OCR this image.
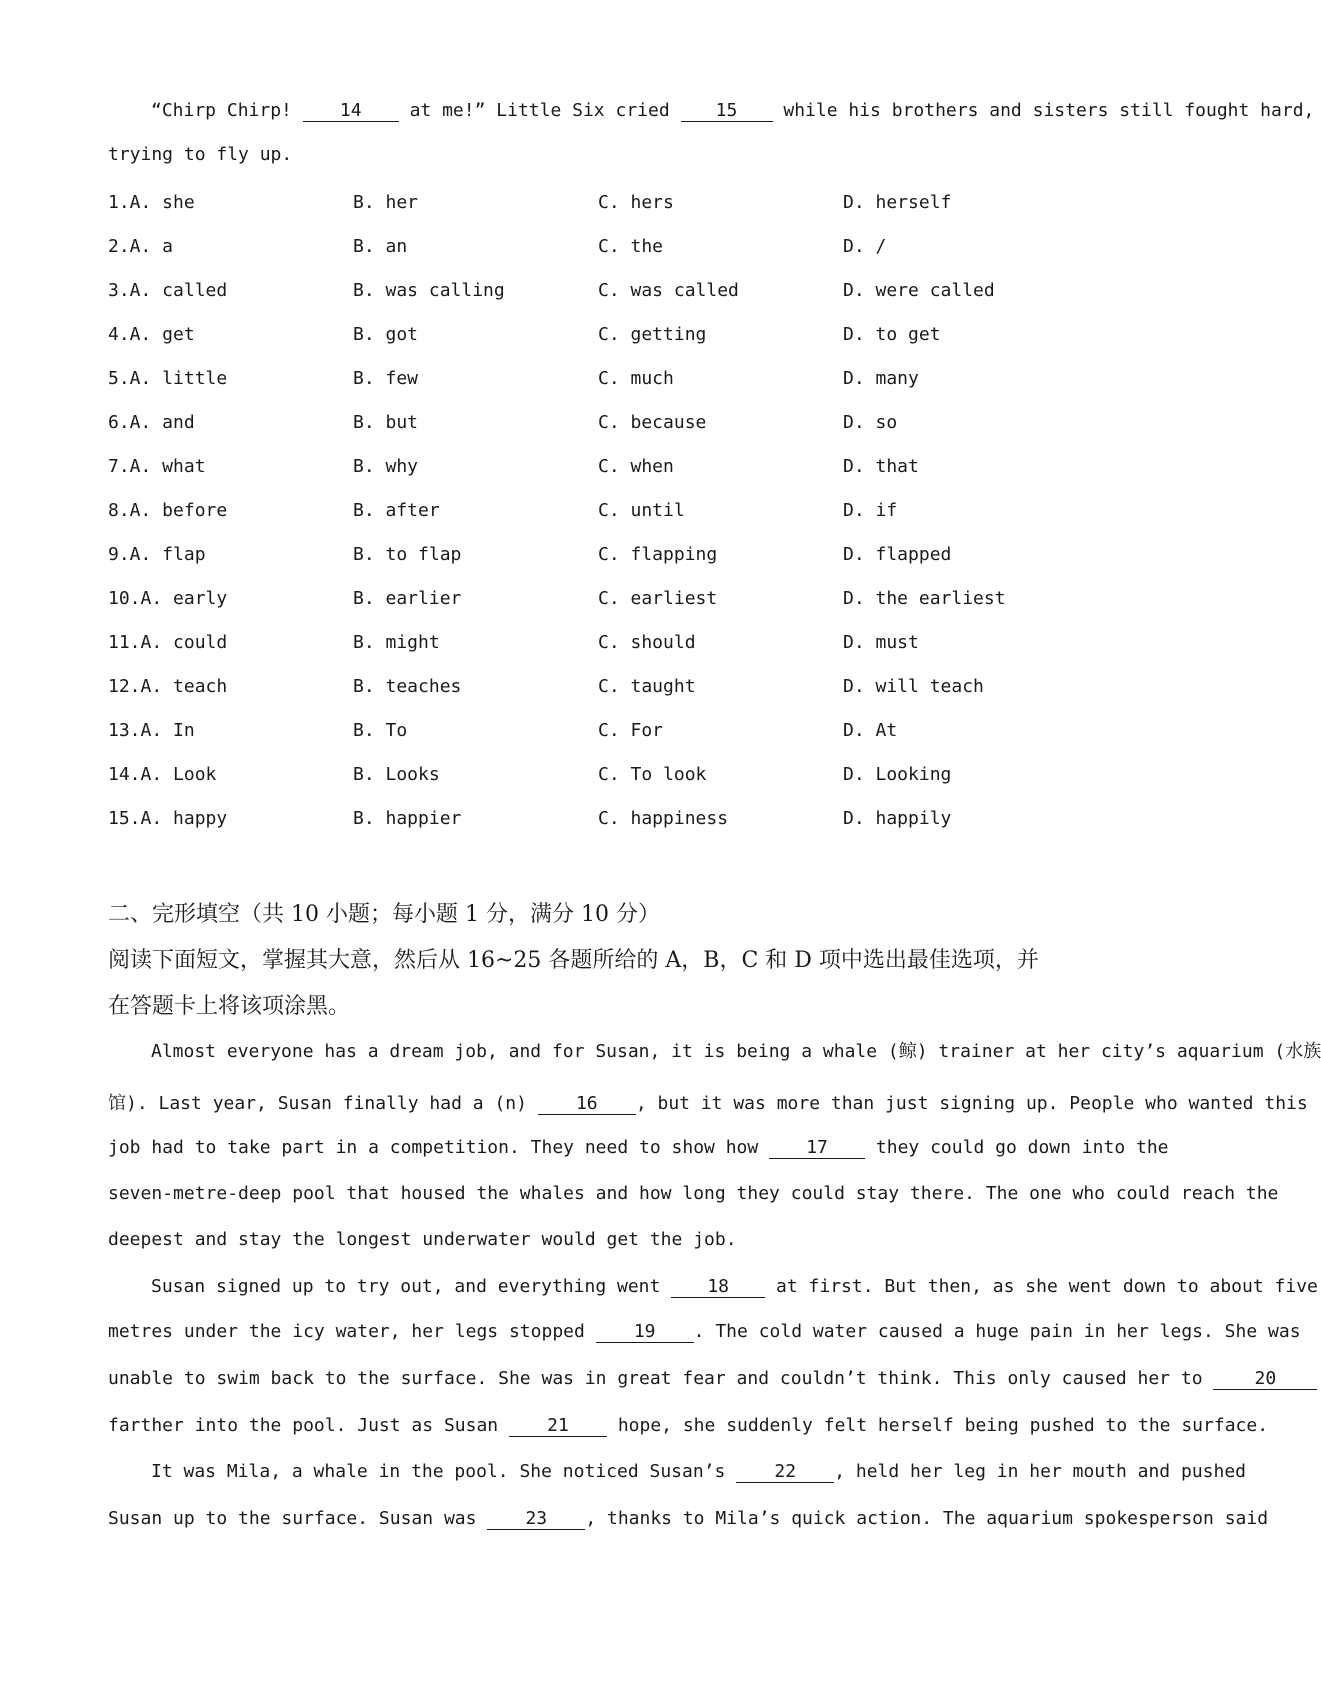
“Chirp Chirp!	14	at me!” Little Six cried	15	while his brothers and sisters still fought hard,
trying to fly up.
1.A. she	B. her	C. hers	D. herself
2.A. a	B. an	C. the	D. /
3.A. called	B. was calling	C. was called	D. were called
4.A. get	B. got	C. getting	D. to get
5.A. little	B. few	C. much	D. many
6.A. and	B. but	C. because	D. so
7.A. what	B. why	C. when	D. that
8.A. before	B. after	C. until	D. if
9.A. flap	B. to flap	C. flapping	D. flapped
10.A. early	B. earlier	C. earliest	D. the earliest
11.A. could	B. might	C. should	D. must
12.A. teach	B. teaches	C. taught	D. will teach
13.A. In	B. To	C. For	D. At
14.A. Look	B. Looks	C. To look	D. Looking
15.A. happy	B. happier	C. happiness	D. happily
二、完形填空（共 10 小题；每小题 1 分，满分 10 分）
阅读下面短文，掌握其大意，然后从 16~25 各题所给的 A，B，C 和 D 项中选出最佳选项，并
在答题卡上将该项涂黑。
Almost everyone has a dream job, and for Susan, it is being a whale (鲸) trainer at her city’s aquarium (水族
馆). Last year, Susan finally had a (n)	16 , but it was more than just signing up. People who wanted this
job had to take part in a competition. They need to show how	17	they could go down into the
seven-metre-deep pool that housed the whales and how long they could stay there. The one who could reach the
deepest and stay the longest underwater would get the job.
Susan signed up to try out, and everything went	18	at first. But then, as she went down to about five
metres under the icy water, her legs stopped	19 . The cold water caused a huge pain in her legs. She was
unable to swim back to the surface. She was in great fear and couldn’t think. This only caused her to	20
farther into the pool. Just as Susan	21	hope, she suddenly felt herself being pushed to the surface.
It was Mila, a whale in the pool. She noticed Susan’s	22 , held her leg in her mouth and pushed
Susan up to the surface. Susan was	23 , thanks to Mila’s quick action. The aquarium spokesperson said
